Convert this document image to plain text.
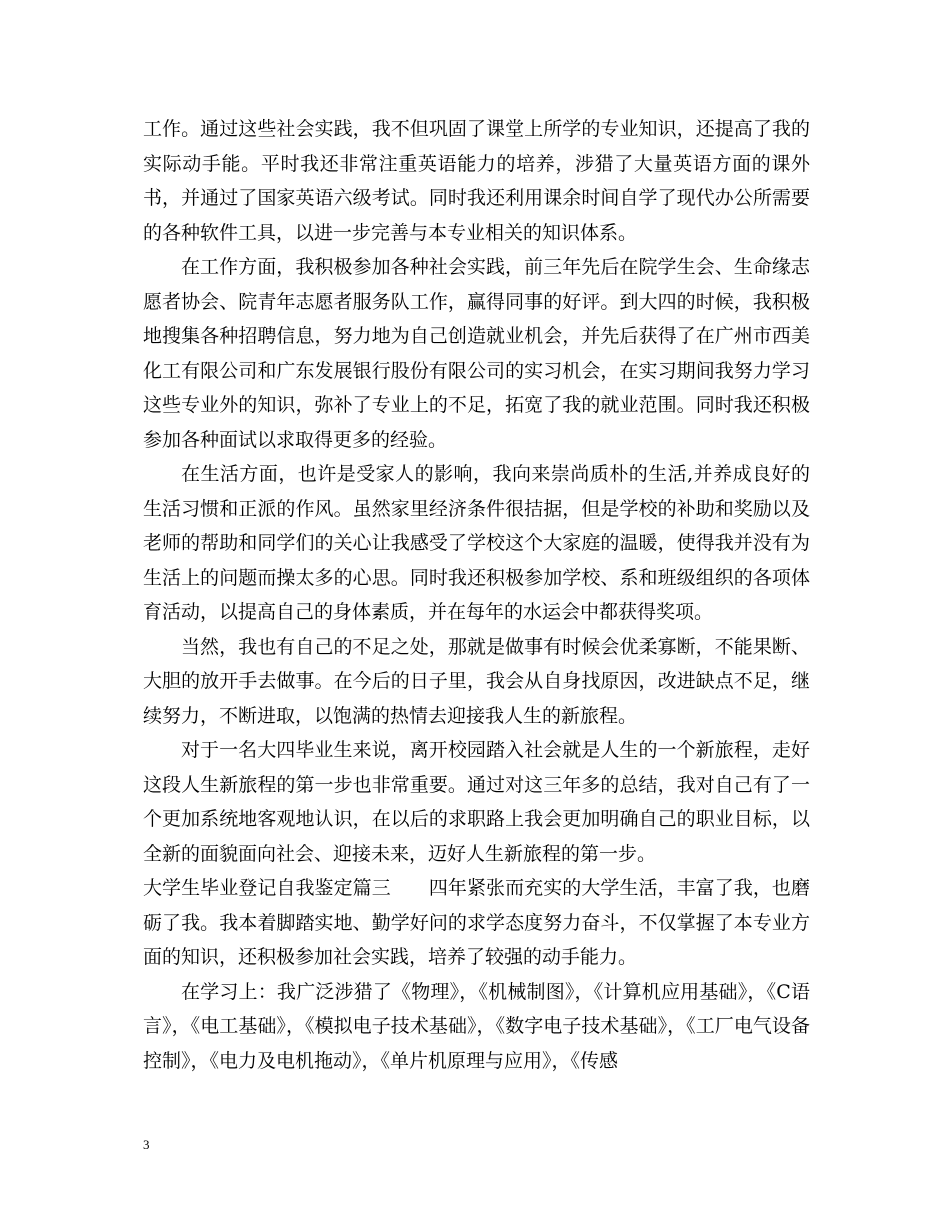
工作。通过这些社会实践，我不但巩固了课堂上所学的专业知识，还提高了我的实际动手能。平时我还非常注重英语能力的培养，涉猎了大量英语方面的课外书，并通过了国家英语六级考试。同时我还利用课余时间自学了现代办公所需要的各种软件工具，以进一步完善与本专业相关的知识体系。

在工作方面，我积极参加各种社会实践，前三年先后在院学生会、生命缘志愿者协会、院青年志愿者服务队工作，赢得同事的好评。到大四的时候，我积极地搜集各种招聘信息，努力地为自己创造就业机会，并先后获得了在广州市西美化工有限公司和广东发展银行股份有限公司的实习机会，在实习期间我努力学习这些专业外的知识，弥补了专业上的不足，拓宽了我的就业范围。同时我还积极参加各种面试以求取得更多的经验。

在生活方面，也许是受家人的影响，我向来崇尚质朴的生活,并养成良好的生活习惯和正派的作风。虽然家里经济条件很拮据，但是学校的补助和奖励以及老师的帮助和同学们的关心让我感受了学校这个大家庭的温暖，使得我并没有为生活上的问题而操太多的心思。同时我还积极参加学校、系和班级组织的各项体育活动，以提高自己的身体素质，并在每年的水运会中都获得奖项。

当然，我也有自己的不足之处，那就是做事有时候会优柔寡断，不能果断、大胆的放开手去做事。在今后的日子里，我会从自身找原因，改进缺点不足，继续努力，不断进取，以饱满的热情去迎接我人生的新旅程。

对于一名大四毕业生来说，离开校园踏入社会就是人生的一个新旅程，走好这段人生新旅程的第一步也非常重要。通过对这三年多的总结，我对自己有了一个更加系统地客观地认识，在以后的求职路上我会更加明确自己的职业目标，以全新的面貌面向社会、迎接未来，迈好人生新旅程的第一步。

大学生毕业登记自我鉴定篇三 四年紧张而充实的大学生活，丰富了我，也磨砺了我。我本着脚踏实地、勤学好问的求学态度努力奋斗，不仅掌握了本专业方面的知识，还积极参加社会实践，培养了较强的动手能力。

在学习上：我广泛涉猎了《物理》，《机械制图》，《计算机应用基础》，《C语言》，《电工基础》，《模拟电子技术基础》，《数字电子技术基础》，《工厂电气设备控制》，《电力及电机拖动》，《单片机原理与应用》，《传感

3
